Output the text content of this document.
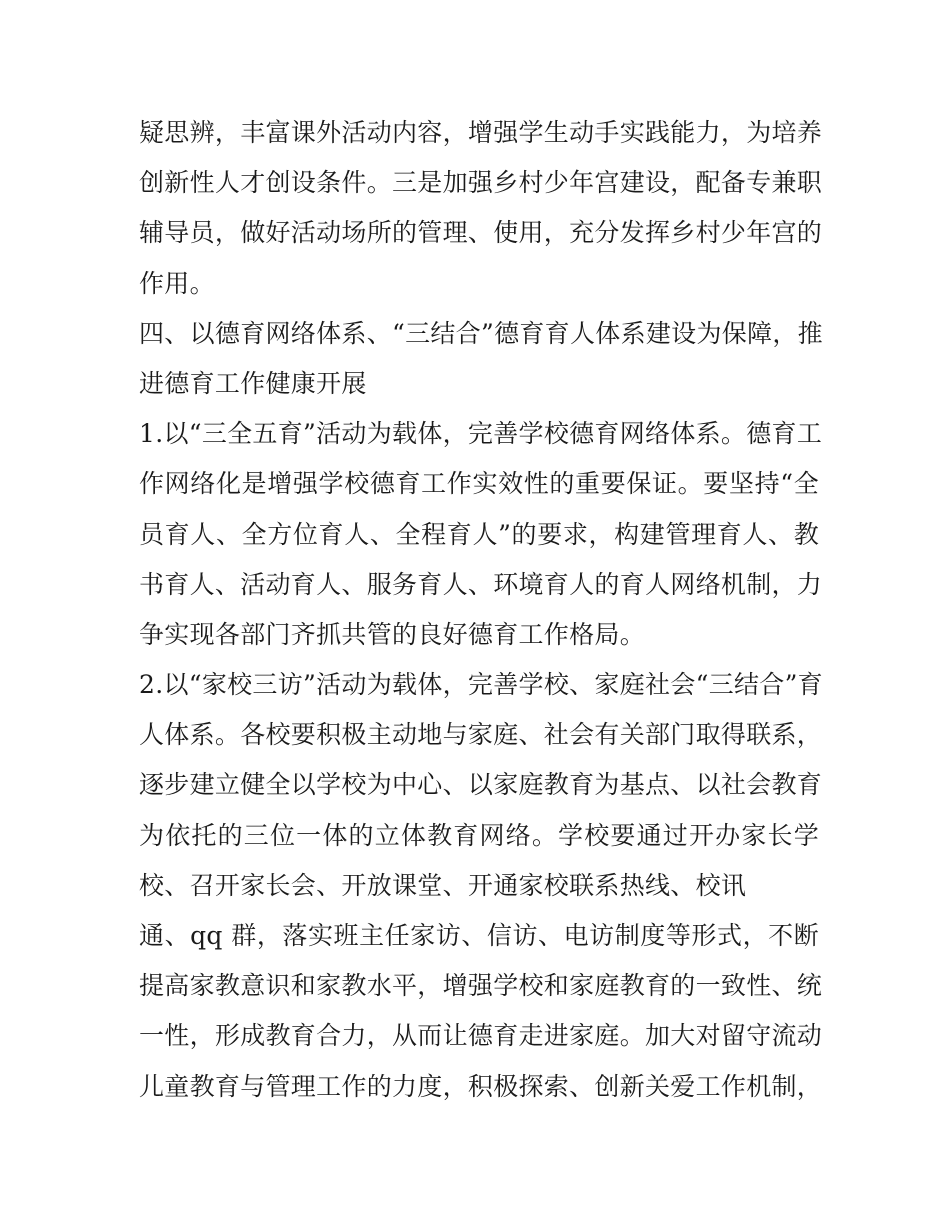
疑思辨，丰富课外活动内容，增强学生动手实践能力，为培养
创新性人才创设条件。三是加强乡村少年宫建设，配备专兼职
辅导员，做好活动场所的管理、使用，充分发挥乡村少年宫的
作用。
四、以德育网络体系、“三结合”德育育人体系建设为保障，推
进德育工作健康开展
1.以“三全五育”活动为载体，完善学校德育网络体系。德育工
作网络化是增强学校德育工作实效性的重要保证。要坚持“全
员育人、全方位育人、全程育人”的要求，构建管理育人、教
书育人、活动育人、服务育人、环境育人的育人网络机制，力
争实现各部门齐抓共管的良好德育工作格局。
2.以“家校三访”活动为载体，完善学校、家庭社会“三结合”育
人体系。各校要积极主动地与家庭、社会有关部门取得联系，
逐步建立健全以学校为中心、以家庭教育为基点、以社会教育
为依托的三位一体的立体教育网络。学校要通过开办家长学
校、召开家长会、开放课堂、开通家校联系热线、校讯
通、qq 群，落实班主任家访、信访、电访制度等形式，不断
提高家教意识和家教水平，增强学校和家庭教育的一致性、统
一性，形成教育合力，从而让德育走进家庭。加大对留守流动
儿童教育与管理工作的力度，积极探索、创新关爱工作机制，
